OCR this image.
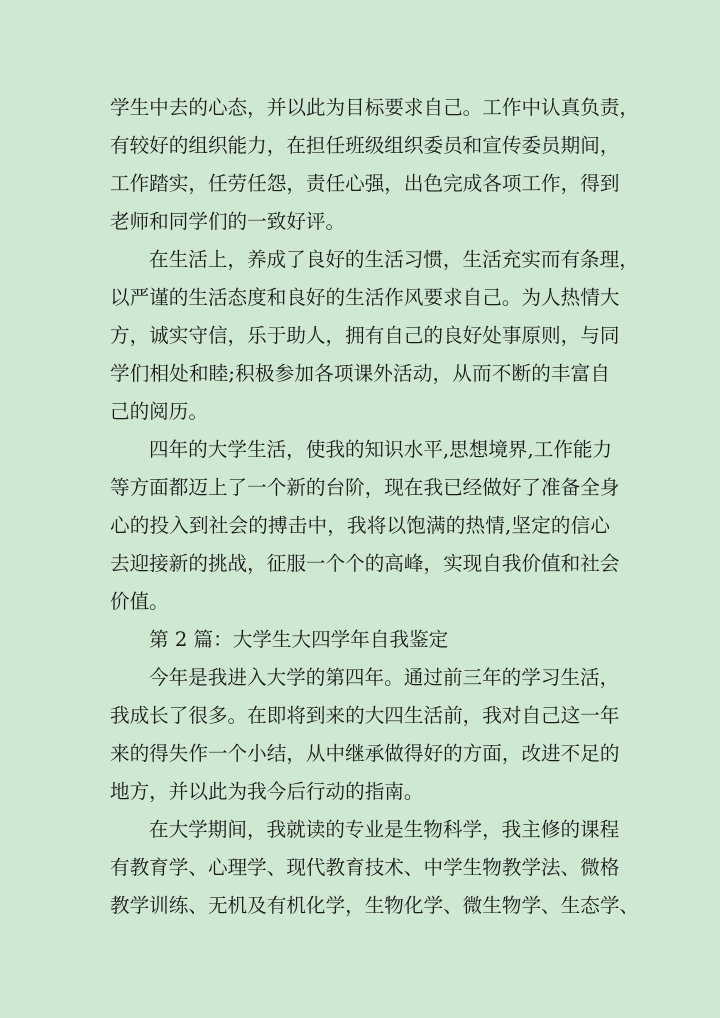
学生中去的心态，并以此为目标要求自己。工作中认真负责，

有较好的组织能力，在担任班级组织委员和宣传委员期间，

工作踏实，任劳任怨，责任心强，出色完成各项工作，得到

老师和同学们的一致好评。

在生活上，养成了良好的生活习惯，生活充实而有条理，

以严谨的生活态度和良好的生活作风要求自己。为人热情大

方，诚实守信，乐于助人，拥有自己的良好处事原则，与同

学们相处和睦;积极参加各项课外活动，从而不断的丰富自

己的阅历。

四年的大学生活，使我的知识水平,思想境界,工作能力

等方面都迈上了一个新的台阶，现在我已经做好了准备全身

心的投入到社会的搏击中，我将以饱满的热情,坚定的信心

去迎接新的挑战，征服一个个的高峰，实现自我价值和社会

价值。

第 2 篇：大学生大四学年自我鉴定

今年是我进入大学的第四年。通过前三年的学习生活，

我成长了很多。在即将到来的大四生活前，我对自己这一年

来的得失作一个小结，从中继承做得好的方面，改进不足的

地方，并以此为我今后行动的指南。

在大学期间，我就读的专业是生物科学，我主修的课程

有教育学、心理学、现代教育技术、中学生物教学法、微格

教学训练、无机及有机化学，生物化学、微生物学、生态学、
